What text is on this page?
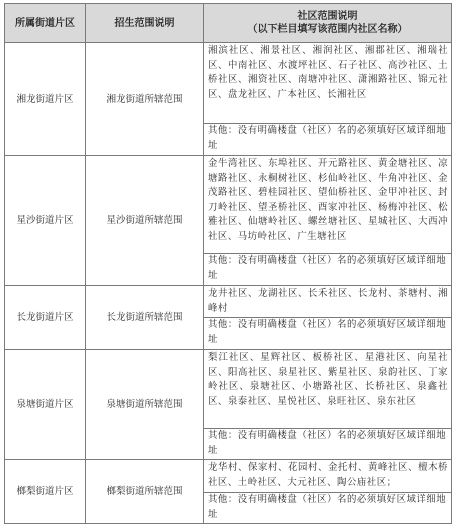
所属街道片区	招生范围说明	社区范围说明
（以下栏目填写该范围内社区名称）

湘龙街道片区	湘龙街道所辖范围	湘滨社区、湘景社区、湘润社区、湘郡社区、湘瑞社区、中南社区、水渡坪社区、石子社区、高沙社区、土桥社区、湘资社区、南塘冲社区、潇湘路社区、锦元社区、盘龙社区、广本社区、长湘社区
		其他：没有明确楼盘（社区）名的必须填好区域详细地址
星沙街道片区	星沙街道所辖范围	金牛湾社区、东埠社区、开元路社区、黄金塘社区、凉塘路社区、永桐树社区、杉仙岭社区、牛角冲社区、金茂路社区、碧桂园社区、望仙桥社区、金甲冲社区、封刀岭社区、望圣桥社区、酉家冲社区、杨梅冲社区、松雅社区、仙塘岭社区、螺丝塘社区、星城社区、大西冲社区、马坊岭社区、广生塘社区
		其他：没有明确楼盘（社区）名的必须填好区域详细地址
长龙街道片区	长龙街道所辖范围	龙井社区、龙湖社区、长禾社区、长龙村、茶塘村、湘峰村
		其他：没有明确楼盘（社区）名的必须填好区域详细地址
泉塘街道片区	泉塘街道所辖范围	梨江社区、星辉社区、板桥社区、星港社区、向星社区、阳高社区、泉星社区、紫星社区、泉韵社区、丁家岭社区、泉塘社区、小塘路社区、长桥社区、泉鑫社区、泉泰社区、星悦社区、泉旺社区、泉东社区
		其他：没有明确楼盘（社区）名的必须填好区域详细地址
榔梨街道片区	榔梨街道所辖范围	龙华村、保家村、花园村、金托村、黄峰社区、檀木桥社区、土岭社区、大元社区、陶公庙社区；
		其他：没有明确楼盘（社区）名的必须填好区域详细地址
